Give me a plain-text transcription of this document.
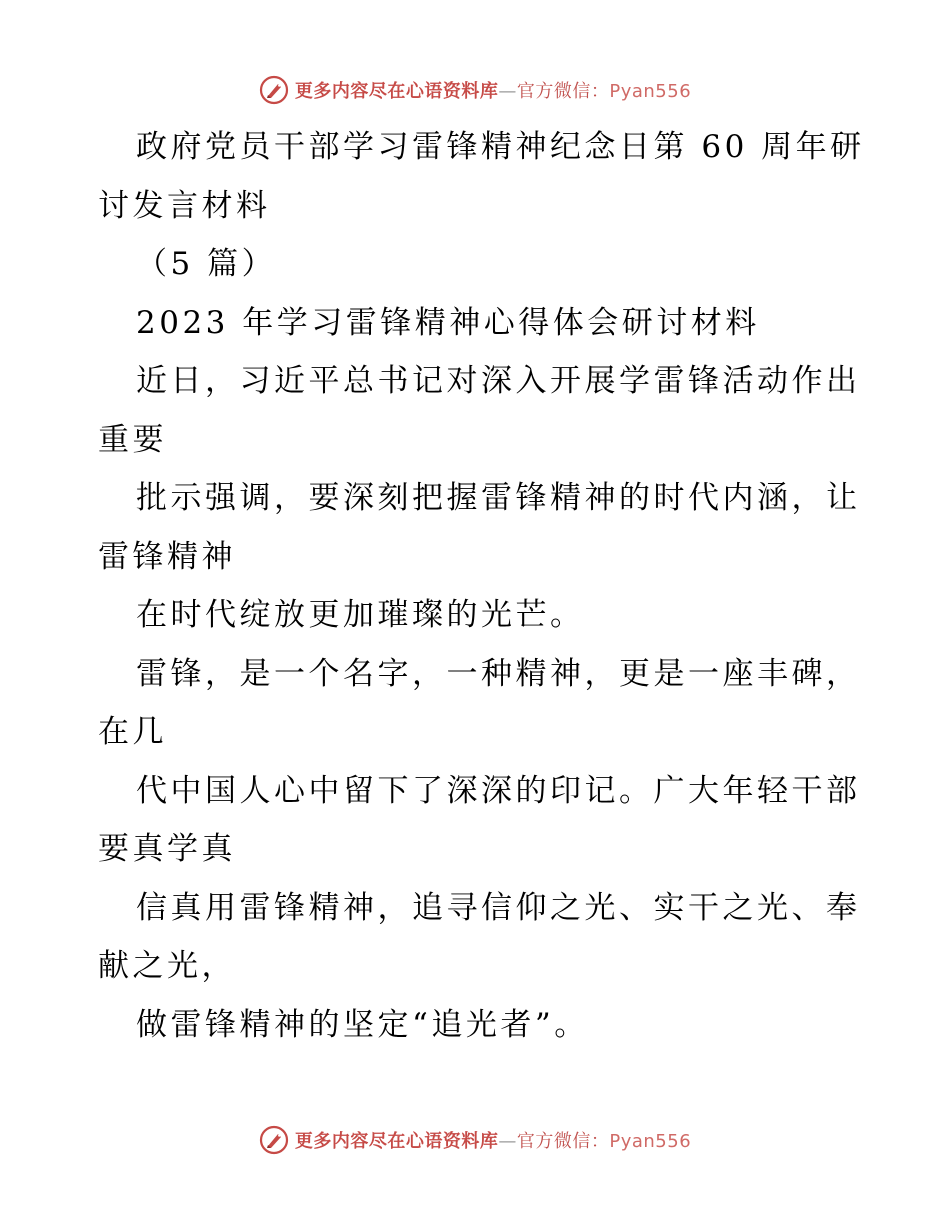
更多内容尽在心语资料库—官方微信：Pyan556
政府党员干部学习雷锋精神纪念日第 60 周年研
讨发言材料
（5 篇）
2023 年学习雷锋精神心得体会研讨材料
近日，习近平总书记对深入开展学雷锋活动作出
重要
批示强调，要深刻把握雷锋精神的时代内涵，让
雷锋精神
在时代绽放更加璀璨的光芒。
雷锋，是一个名字，一种精神，更是一座丰碑，
在几
代中国人心中留下了深深的印记。广大年轻干部
要真学真
信真用雷锋精神，追寻信仰之光、实干之光、奉
献之光，
做雷锋精神的坚定“追光者”。
更多内容尽在心语资料库—官方微信：Pyan556
